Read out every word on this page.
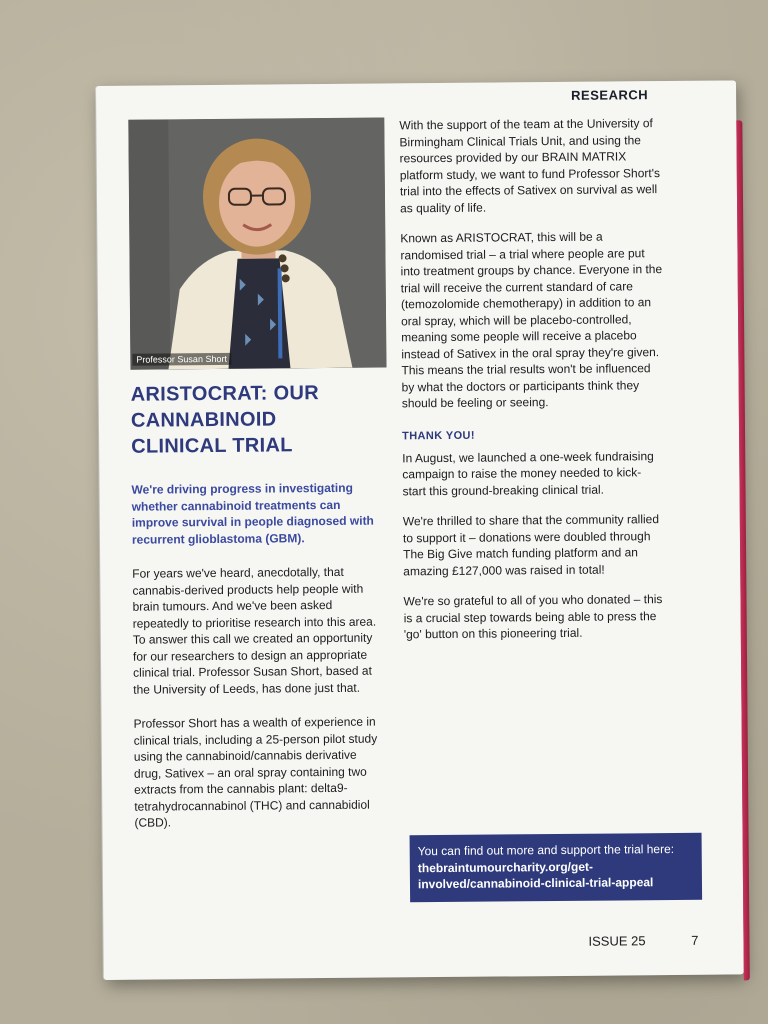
RESEARCH
Professor Susan Short
ARISTOCRAT: OUR
CANNABINOID
CLINICAL TRIAL

We're driving progress in investigating whether cannabinoid treatments can improve survival in people diagnosed with recurrent glioblastoma (GBM).

For years we've heard, anecdotally, that cannabis-derived products help people with brain tumours. And we've been asked repeatedly to prioritise research into this area. To answer this call we created an opportunity for our researchers to design an appropriate clinical trial. Professor Susan Short, based at the University of Leeds, has done just that.

Professor Short has a wealth of experience in clinical trials, including a 25-person pilot study using the cannabinoid/cannabis derivative drug, Sativex – an oral spray containing two extracts from the cannabis plant: delta9-tetrahydrocannabinol (THC) and cannabidiol (CBD).

With the support of the team at the University of Birmingham Clinical Trials Unit, and using the resources provided by our BRAIN MATRIX platform study, we want to fund Professor Short's trial into the effects of Sativex on survival as well as quality of life.

Known as ARISTOCRAT, this will be a randomised trial – a trial where people are put into treatment groups by chance. Everyone in the trial will receive the current standard of care (temozolomide chemotherapy) in addition to an oral spray, which will be placebo-controlled, meaning some people will receive a placebo instead of Sativex in the oral spray they're given. This means the trial results won't be influenced by what the doctors or participants think they should be feeling or seeing.

THANK YOU!

In August, we launched a one-week fundraising campaign to raise the money needed to kick-start this ground-breaking clinical trial.

We're thrilled to share that the community rallied to support it – donations were doubled through The Big Give match funding platform and an amazing £127,000 was raised in total!

We're so grateful to all of you who donated – this is a crucial step towards being able to press the 'go' button on this pioneering trial.

You can find out more and support the trial here: thebraintumourcharity.org/get-involved/cannabinoid-clinical-trial-appeal
ISSUE 25	7
